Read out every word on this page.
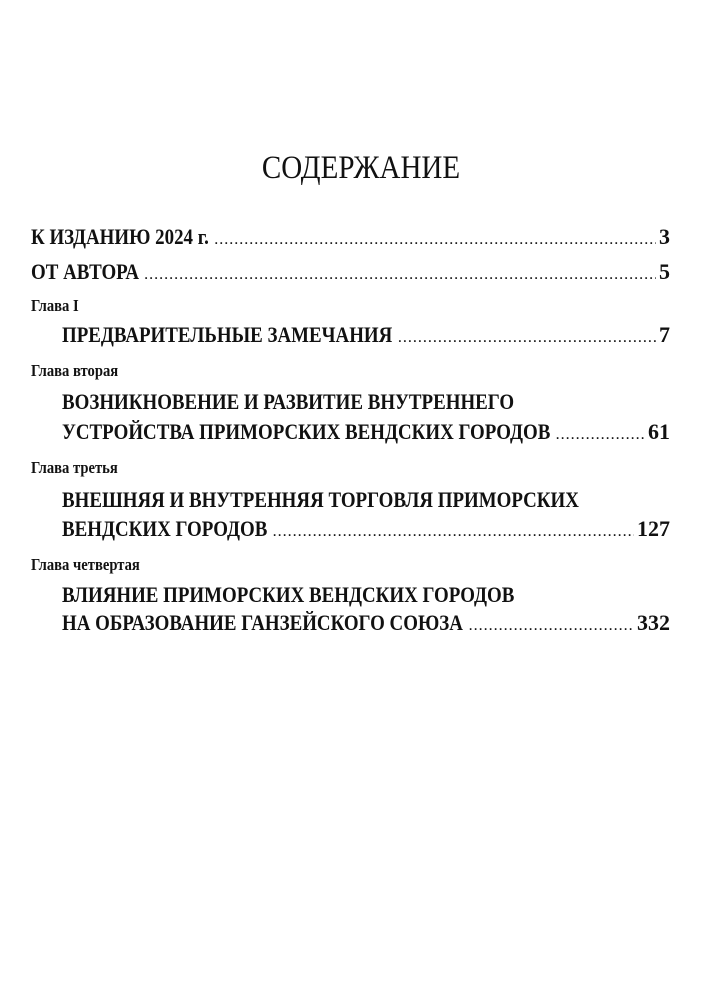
СОДЕРЖАНИЕ
К ИЗДАНИЮ 2024 г. .....	3
ОТ АВТОРА .....	5
Глава I
ПРЕДВАРИТЕЛЬНЫЕ ЗАМЕЧАНИЯ .....	7
Глава вторая
ВОЗНИКНОВЕНИЕ И РАЗВИТИЕ ВНУТРЕННЕГО
УСТРОЙСТВА ПРИМОРСКИХ ВЕНДСКИХ ГОРОДОВ .....	61
Глава третья
ВНЕШНЯЯ И ВНУТРЕННЯЯ ТОРГОВЛЯ ПРИМОРСКИХ
ВЕНДСКИХ ГОРОДОВ .....	127
Глава четвертая
ВЛИЯНИЕ ПРИМОРСКИХ ВЕНДСКИХ ГОРОДОВ
НА ОБРАЗОВАНИЕ ГАНЗЕЙСКОГО СОЮЗА .....	332
